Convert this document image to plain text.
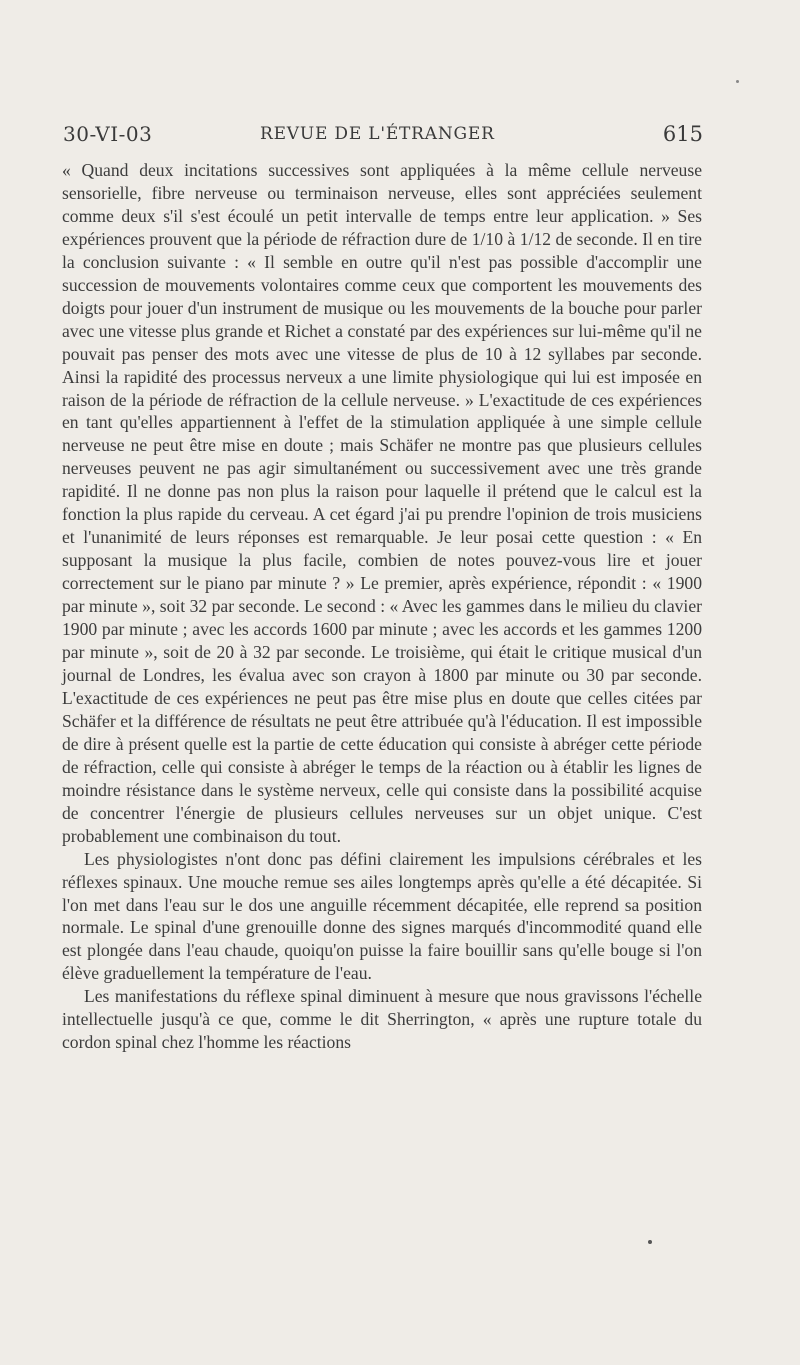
30-VI-03	REVUE DE L'ÉTRANGER	615

« Quand deux incitations successives sont appliquées à la même cellule nerveuse sensorielle, fibre nerveuse ou terminaison nerveuse, elles sont appréciées seulement comme deux s'il s'est écoulé un petit intervalle de temps entre leur application. » Ses expériences prouvent que la période de réfraction dure de 1/10 à 1/12 de seconde. Il en tire la conclusion suivante : « Il semble en outre qu'il n'est pas possible d'accomplir une succession de mouvements volontaires comme ceux que comportent les mouvements des doigts pour jouer d'un instrument de musique ou les mouvements de la bouche pour parler avec une vitesse plus grande et Richet a constaté par des expériences sur lui-même qu'il ne pouvait pas penser des mots avec une vitesse de plus de 10 à 12 syllabes par seconde. Ainsi la rapidité des processus nerveux a une limite physiologique qui lui est imposée en raison de la période de réfraction de la cellule nerveuse. » L'exactitude de ces expériences en tant qu'elles appartiennent à l'effet de la stimulation appliquée à une simple cellule nerveuse ne peut être mise en doute ; mais Schäfer ne montre pas que plusieurs cellules nerveuses peuvent ne pas agir simultanément ou successivement avec une très grande rapidité. Il ne donne pas non plus la raison pour laquelle il prétend que le calcul est la fonction la plus rapide du cerveau. A cet égard j'ai pu prendre l'opinion de trois musiciens et l'unanimité de leurs réponses est remarquable. Je leur posai cette question : « En supposant la musique la plus facile, combien de notes pouvez-vous lire et jouer correctement sur le piano par minute ? » Le premier, après expérience, répondit : « 1900 par minute », soit 32 par seconde. Le second : « Avec les gammes dans le milieu du clavier 1900 par minute ; avec les accords 1600 par minute ; avec les accords et les gammes 1200 par minute », soit de 20 à 32 par seconde. Le troisième, qui était le critique musical d'un journal de Londres, les évalua avec son crayon à 1800 par minute ou 30 par seconde. L'exactitude de ces expériences ne peut pas être mise plus en doute que celles citées par Schäfer et la différence de résultats ne peut être attribuée qu'à l'éducation. Il est impossible de dire à présent quelle est la partie de cette éducation qui consiste à abréger cette période de réfraction, celle qui consiste à abréger le temps de la réaction ou à établir les lignes de moindre résistance dans le système nerveux, celle qui consiste dans la possibilité acquise de concentrer l'énergie de plusieurs cellules nerveuses sur un objet unique. C'est probablement une combinaison du tout.

Les physiologistes n'ont donc pas défini clairement les impulsions cérébrales et les réflexes spinaux. Une mouche remue ses ailes longtemps après qu'elle a été décapitée. Si l'on met dans l'eau sur le dos une anguille récemment décapitée, elle reprend sa position normale. Le spinal d'une grenouille donne des signes marqués d'incommodité quand elle est plongée dans l'eau chaude, quoiqu'on puisse la faire bouillir sans qu'elle bouge si l'on élève graduellement la température de l'eau.

Les manifestations du réflexe spinal diminuent à mesure que nous gravissons l'échelle intellectuelle jusqu'à ce que, comme le dit Sherrington, « après une rupture totale du cordon spinal chez l'homme les réactions
